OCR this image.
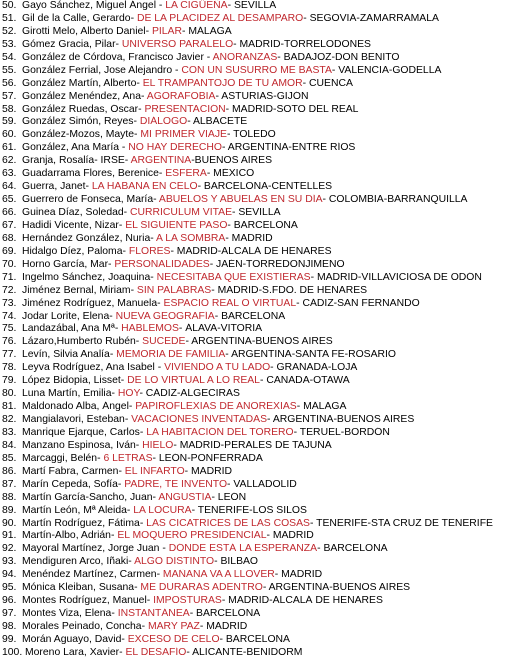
50. Gayo Sánchez, Miguel Ángel - LA CIGÜEÑA- SEVILLA
51. Gil de la Calle, Gerardo- DE LA PLACIDEZ AL DESAMPARO- SEGOVIA-ZAMARRAMALA
52. Girotti Melo, Alberto Daniel- PILAR- MÁLAGA
53. Gómez Gracia, Pilar- UNIVERSO PARALELO- MADRID-TORRELODONES
54. González de Córdova, Francisco Javier - AÑORANZAS- BADAJOZ-DON BENITO
55. González Ferrial, Jose Alejandro - CON UN SUSURRO ME BASTA- VALENCIA-GODELLA
56. González Martín, Alberto- EL TRAMPANTOJO DE TU AMOR- CUENCA
57. González Menéndez, Ana- AGORAFOBIA- ASTURIAS-GIJÓN
58. González Ruedas, Óscar- PRESENTACIÓN- MADRID-SOTO DEL REAL
59. González Simón, Reyes- DIÁLOGO- ALBACETE
60. González-Mozos, Mayte- MI PRIMER VIAJE- TOLEDO
61. González, Ana María - NO HAY DERECHO- ARGENTINA-ENTRE RÍOS
62. Granja, Rosalía- IRSE- ARGENTINA-BUENOS AIRES
63. Guadarrama Flores, Berenice- ESFERA- MÉXICO
64. Guerra, Janet- LA HABANA EN CELO- BARCELONA-CENTELLES
65. Guerrero de Fonseca, María- ABUELOS Y ABUELAS EN SU DÍA- COLOMBIA-BARRANQUILLA
66. Guinea Díaz, Soledad- CURRICULUM VITAE- SEVILLA
67. Hadidi Vicente, Nizar- EL SIGUIENTE PASO- BARCELONA
68. Hernández González, Nuria- A LA SOMBRA- MADRID
69. Hidalgo Díez, Paloma- FLORES- MADRID-ALCALÁ DE HENARES
70. Horno García, Mar- PERSONALIDADES- JAÉN-TORREDONJIMENO
71. Ingelmo Sánchez, Joaquina- NECESITABA QUE EXISTIERAS- MADRID-VILLAVICIOSA DE ODÓN
72. Jiménez Bernal, Miriam- SIN PALABRAS- MADRID-S.FDO. DE HENARES
73. Jiménez Rodríguez, Manuela- ESPACIO REAL O VIRTUAL- CÁDIZ-SAN FERNANDO
74. Jodar Lorite, Elena- NUEVA GEOGRAFÍA- BARCELONA
75. Landazábal, Ana Mª- HABLEMOS- ÁLAVA-VITORIA
76. Lázaro,Humberto Rubén- SUCEDE- ARGENTINA-BUENOS AIRES
77. Levín, Silvia Analía- MEMORIA DE FAMILIA- ARGENTINA-SANTA FE-ROSARIO
78. Leyva Rodríguez, Ana Isabel - VIVIENDO A TU LADO- GRANADA-LOJA
79. López Bidopia, Lisset- DE LO VIRTUAL A LO REAL- CANADA-OTAWA
80. Luna Martín, Emilia- HOY- CÁDIZ-ALGECIRAS
81. Maldonado Alba, Ángel- PAPIROFLEXIAS DE ANOREXIAS- MÁLAGA
82. Mangialavori, Esteban- VACACIONES INVENTADAS- ARGENTINA-BUENOS AIRES
83. Manrique Ejarque, Carlos- LA HABITACIÓN DEL TORERO- TERUEL-BORDÓN
84. Manzano Espinosa, Iván- HIELO- MADRID-PERALES DE TAJUÑA
85. Marcaggi, Belén- 6 LETRAS- LEÓN-PONFERRADA
86. Martí Fabra, Carmen- EL INFARTO- MADRID
87. Marín Cepeda, Sofía- PADRE, TE INVENTO- VALLADOLID
88. Martín García-Sancho, Juan- ANGUSTIA- LEÓN
89. Martín León, Mª Aleida- LA LOCURA- TENERIFE-LOS SILOS
90. Martín Rodríguez, Fátima- LAS CICATRICES DE LAS COSAS- TENERIFE-STA CRUZ DE TENERIFE
91. Martín-Albo, Adrián- EL MOQUERO PRESIDENCIAL- MADRID
92. Mayoral Martínez, Jorge Juan - DÓNDE ESTÁ LA ESPERANZA- BARCELONA
93. Mendiguren Arco, Iñaki- ALGO DISTINTO- BILBAO
94. Menéndez Martínez, Carmen- MAÑANA VA A LLOVER- MADRID
95. Mónica Kleiban, Susana- ME DURARÁS ADENTRO- ARGENTINA-BUENOS AIRES
96. Montes Rodríguez, Manuel- IMPOSTURAS- MADRID-ALCALÁ DE HENARES
97. Montes Viza, Elena- INSTANTÁNEA- BARCELONA
98. Morales Peinado, Concha- MARY PAZ- MADRID
99. Morán Aguayo, David- EXCESO DE CELO- BARCELONA
100. Moreno Lara, Xavier- EL DESAFÍO- ALICANTE-BENIDORM
